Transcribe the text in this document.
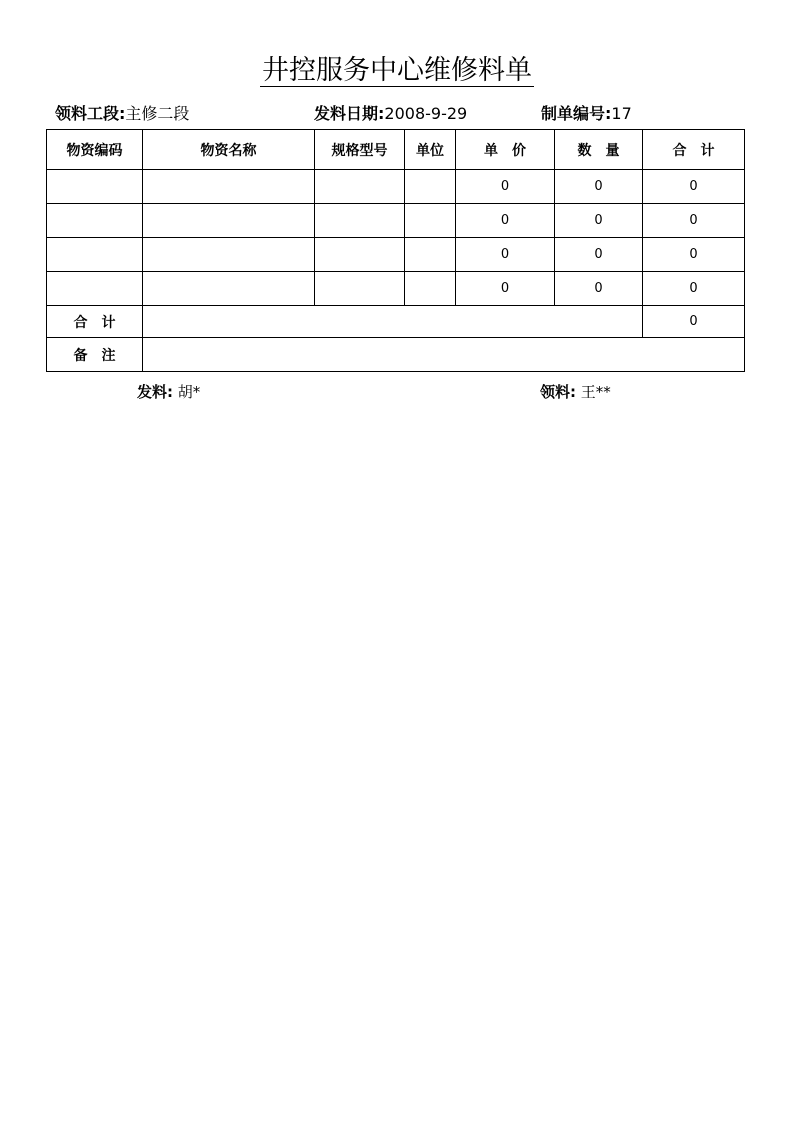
井控服务中心维修料单
领料工段:主修二段	发料日期:2008-9-29	制单编号:17
物资编码	物资名称	规格型号	单位	单　价	数　量	合　计
				0	0	0
				0	0	0
				0	0	0
				0	0	0
合　计						0
备　注						
发料: 胡*	领料: 王**
